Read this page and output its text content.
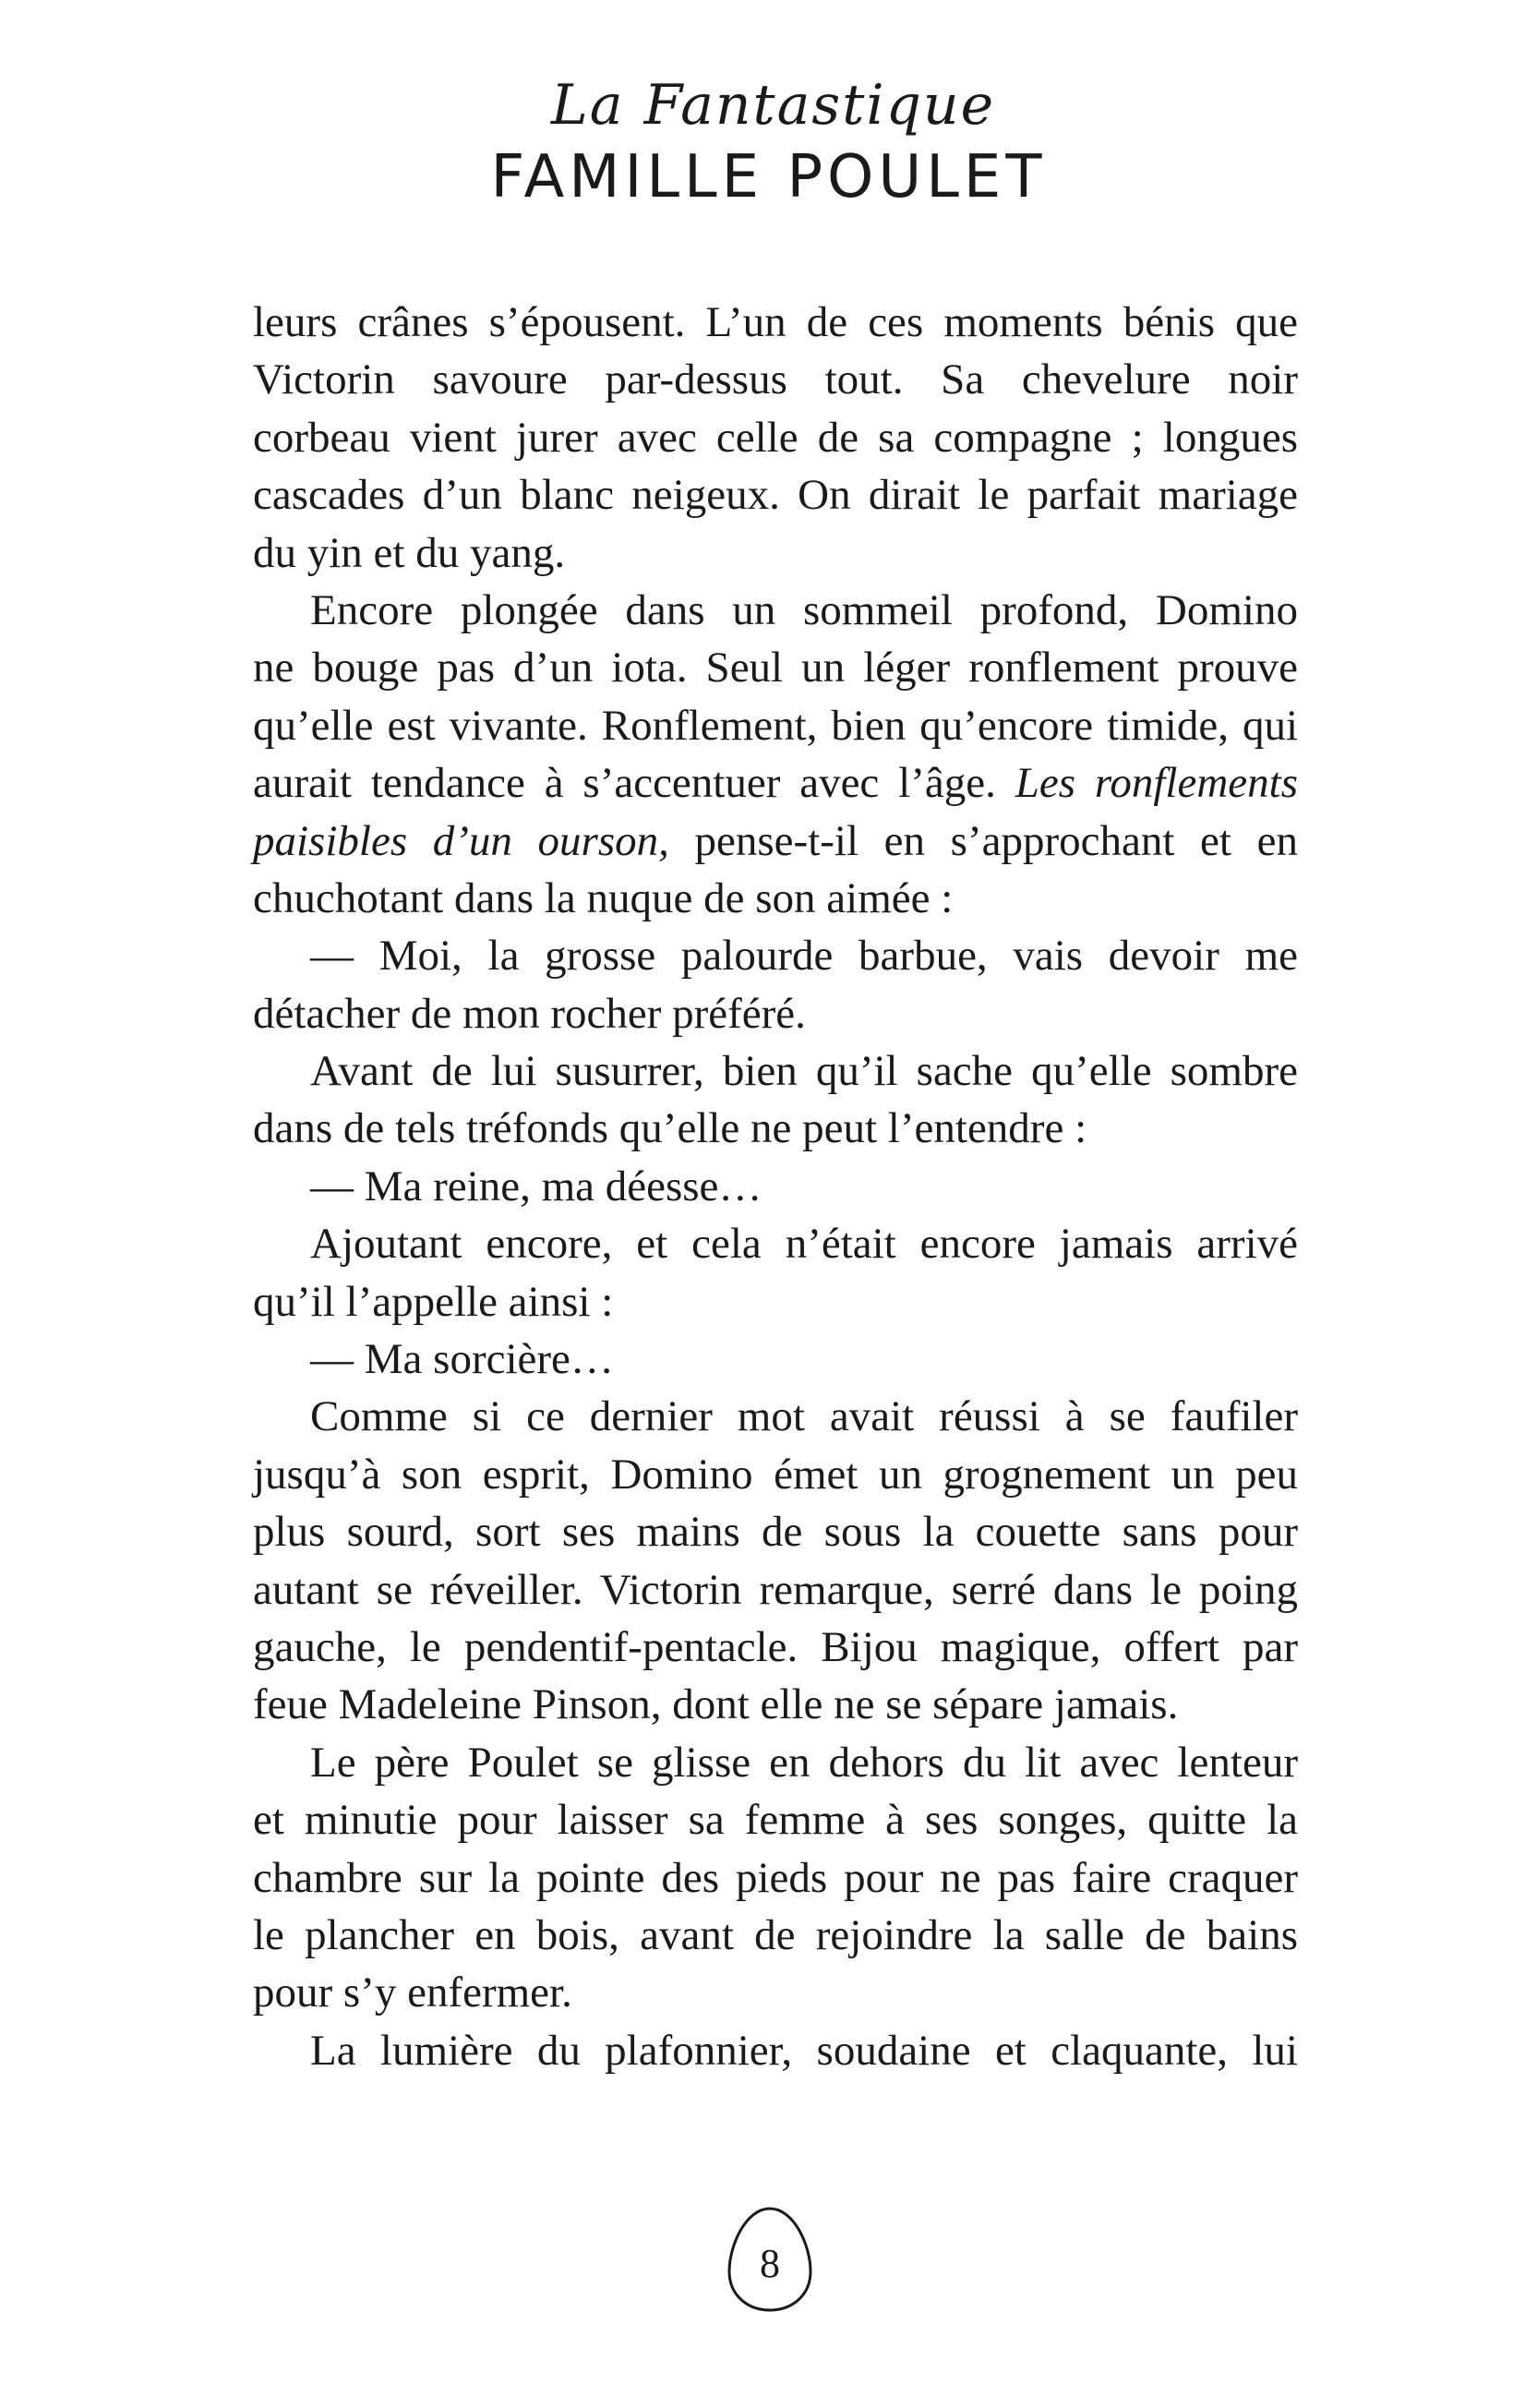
La Fantastique
FAMILLE POULET
leurs crânes s’épousent. L’un de ces moments bénis que
Victorin savoure par-dessus tout. Sa chevelure noir
corbeau vient jurer avec celle de sa compagne ; longues
cascades d’un blanc neigeux. On dirait le parfait mariage
du yin et du yang.
Encore plongée dans un sommeil profond, Domino
ne bouge pas d’un iota. Seul un léger ronflement prouve
qu’elle est vivante. Ronflement, bien qu’encore timide, qui
aurait tendance à s’accentuer avec l’âge. Les ronflements
paisibles d’un ourson, pense-t-il en s’approchant et en
chuchotant dans la nuque de son aimée :
— Moi, la grosse palourde barbue, vais devoir me
détacher de mon rocher préféré.
Avant de lui susurrer, bien qu’il sache qu’elle sombre
dans de tels tréfonds qu’elle ne peut l’entendre :
— Ma reine, ma déesse…
Ajoutant encore, et cela n’était encore jamais arrivé
qu’il l’appelle ainsi :
— Ma sorcière…
Comme si ce dernier mot avait réussi à se faufiler
jusqu’à son esprit, Domino émet un grognement un peu
plus sourd, sort ses mains de sous la couette sans pour
autant se réveiller. Victorin remarque, serré dans le poing
gauche, le pendentif-pentacle. Bijou magique, offert par
feue Madeleine Pinson, dont elle ne se sépare jamais.
Le père Poulet se glisse en dehors du lit avec lenteur
et minutie pour laisser sa femme à ses songes, quitte la
chambre sur la pointe des pieds pour ne pas faire craquer
le plancher en bois, avant de rejoindre la salle de bains
pour s’y enfermer.
La lumière du plafonnier, soudaine et claquante, lui
8
